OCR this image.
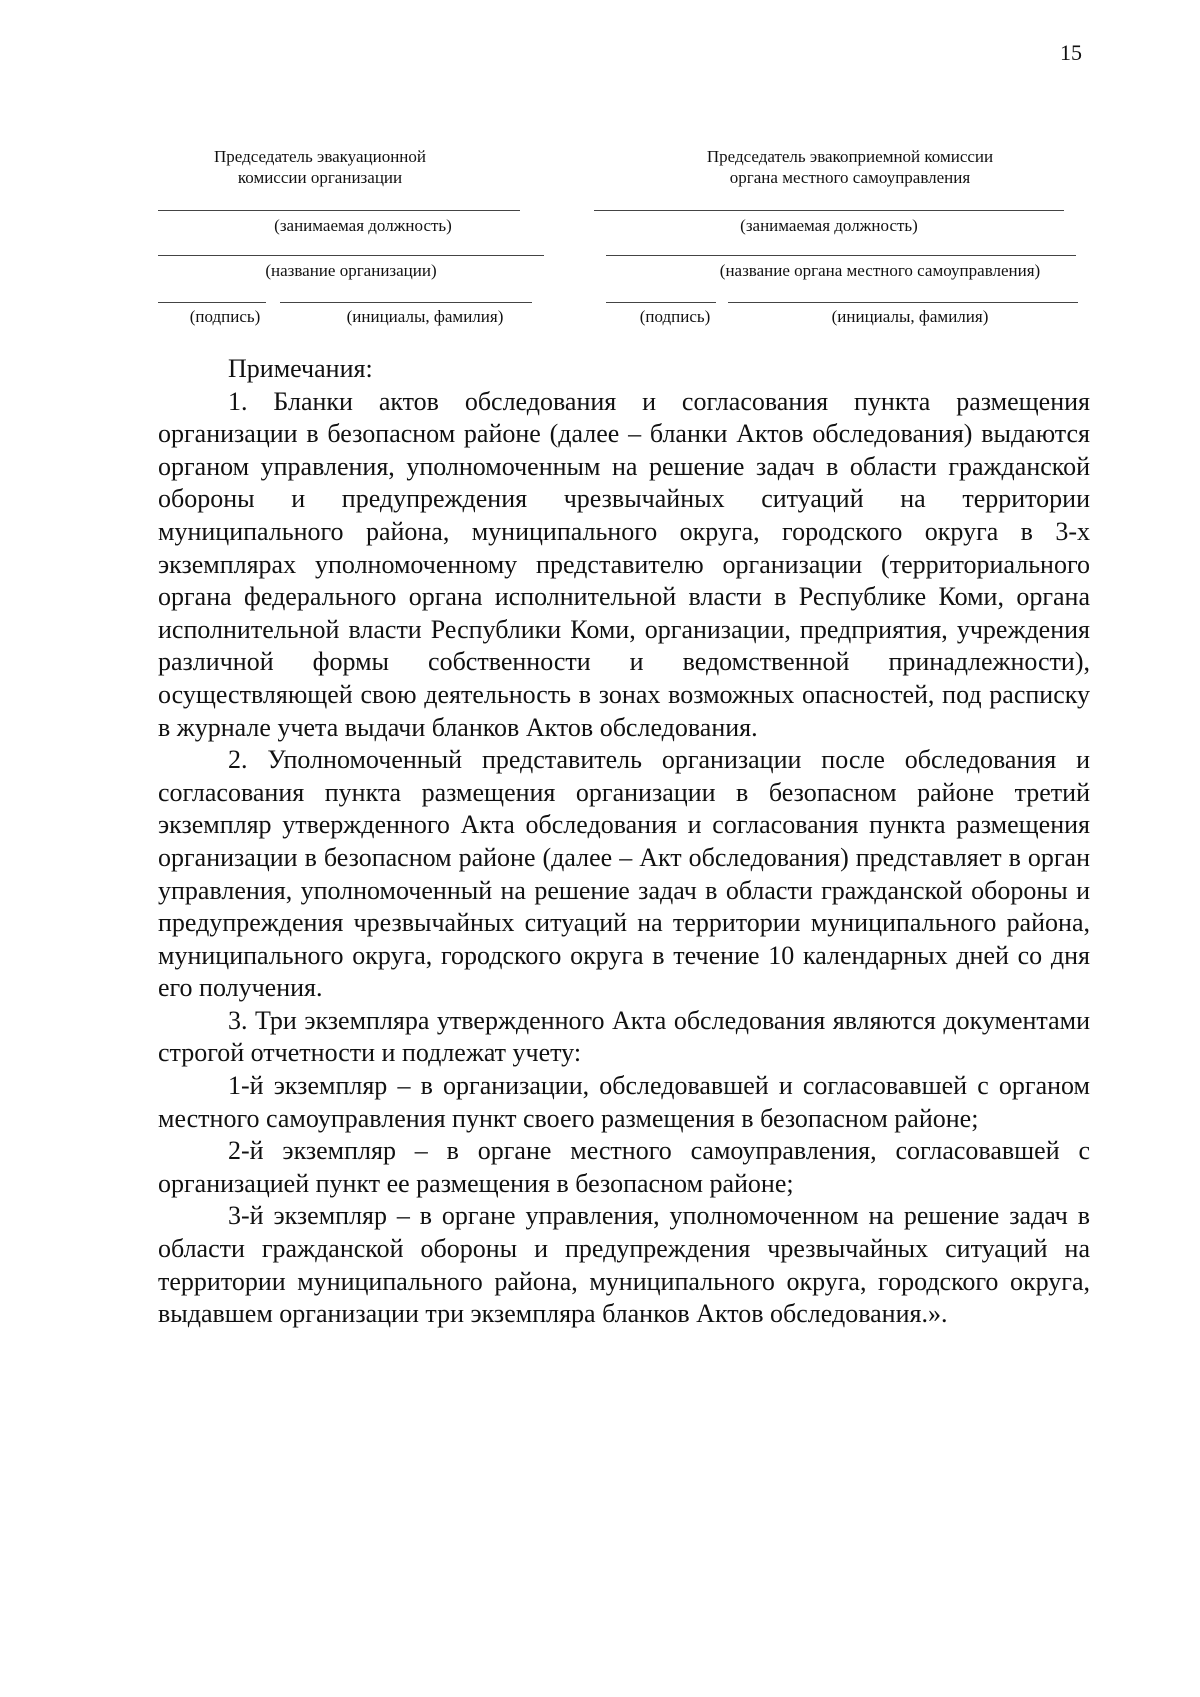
15
Председатель эвакуационной
комиссии организации
(занимаемая должность)
(название организации)
(подпись)	(инициалы, фамилия)
Председатель эвакоприемной комиссии
органа местного самоуправления
(занимаемая должность)
(название органа местного самоуправления)
(подпись)	(инициалы, фамилия)

Примечания:

1. Бланки актов обследования и согласования пункта размещения организации в безопасном районе (далее – бланки Актов обследования) выдаются органом управления, уполномоченным на решение задач в области гражданской обороны и предупреждения чрезвычайных ситуаций на территории муниципального района, муниципального округа, городского округа в 3-х экземплярах уполномоченному представителю организации (территориального органа федерального органа исполнительной власти в Республике Коми, органа исполнительной власти Республики Коми, организации, предприятия, учреждения различной формы собственности и ведомственной принадлежности), осуществляющей свою деятельность в зонах возможных опасностей, под расписку в журнале учета выдачи бланков Актов обследования.

2. Уполномоченный представитель организации после обследования и согласования пункта размещения организации в безопасном районе третий экземпляр утвержденного Акта обследования и согласования пункта размещения организации в безопасном районе (далее – Акт обследования) представляет в орган управления, уполномоченный на решение задач в области гражданской обороны и предупреждения чрезвычайных ситуаций на территории муниципального района, муниципального округа, городского округа в течение 10 календарных дней со дня его получения.

3. Три экземпляра утвержденного Акта обследования являются документами строгой отчетности и подлежат учету:

1-й экземпляр – в организации, обследовавшей и согласовавшей с органом местного самоуправления пункт своего размещения в безопасном районе;

2-й экземпляр – в органе местного самоуправления, согласовавшей с организацией пункт ее размещения в безопасном районе;

3-й экземпляр – в органе управления, уполномоченном на решение задач в области гражданской обороны и предупреждения чрезвычайных ситуаций на территории муниципального района, муниципального округа, городского округа, выдавшем организации три экземпляра бланков Актов обследования.».
